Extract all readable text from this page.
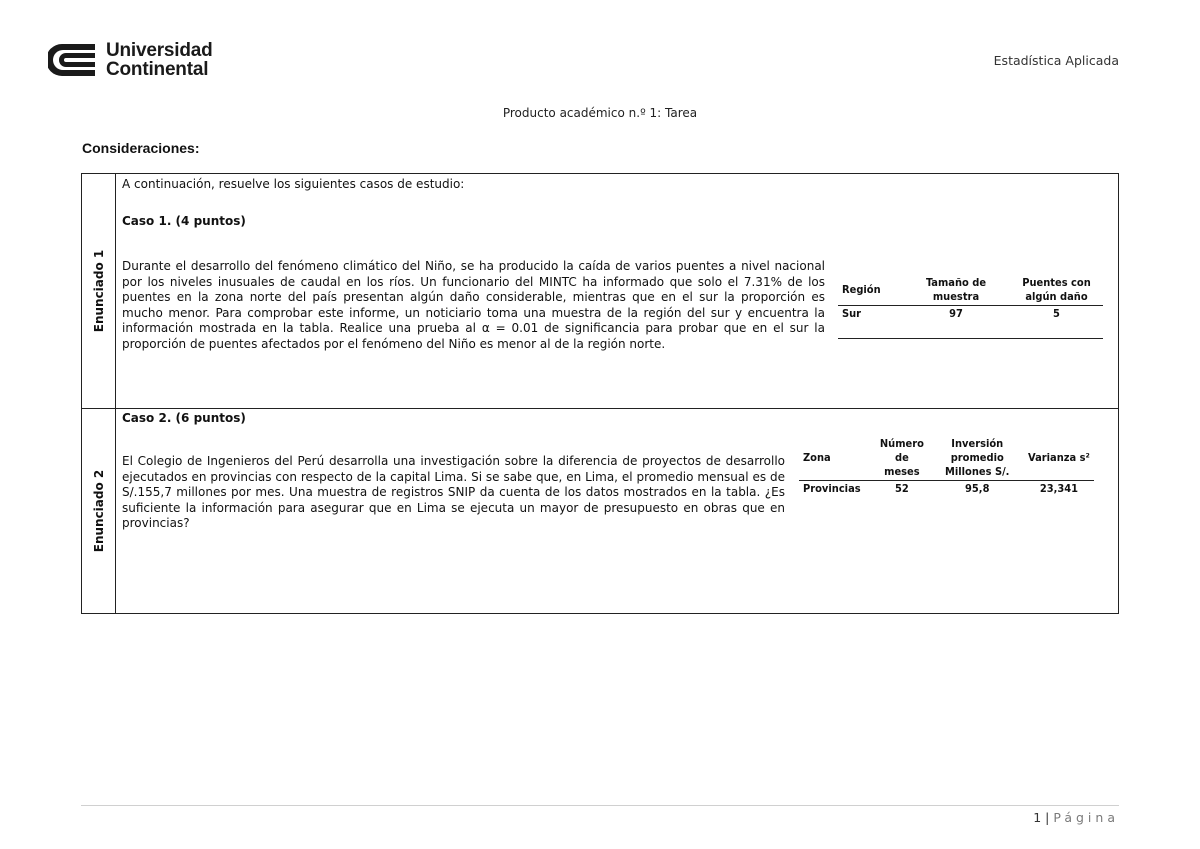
Universidad
Continental	Estadística Aplicada
Producto académico n.º 1: Tarea
Consideraciones:
Enunciado 1
A continuación, resuelve los siguientes casos de estudio:
Caso 1. (4 puntos)
Durante el desarrollo del fenómeno climático del Niño, se ha producido la caída de varios puentes a nivel nacional por los niveles inusuales de caudal en los ríos. Un funcionario del MINTC ha informado que solo el 7.31% de los puentes en la zona norte del país presentan algún daño considerable, mientras que en el sur la proporción es mucho menor. Para comprobar este informe, un noticiario toma una muestra de la región del sur y encuentra la información mostrada en la tabla. Realice una prueba al α = 0.01 de significancia para probar que en el sur la proporción de puentes afectados por el fenómeno del Niño es menor al de la región norte.
Región	Tamaño de muestra	Puentes con algún daño
Sur	97	5

Enunciado 2
Caso 2. (6 puntos)
El Colegio de Ingenieros del Perú desarrolla una investigación sobre la diferencia de proyectos de desarrollo ejecutados en provincias con respecto de la capital Lima. Si se sabe que, en Lima, el promedio mensual es de S/.155,7 millones por mes. Una muestra de registros SNIP da cuenta de los datos mostrados en la tabla. ¿Es suficiente la información para asegurar que en Lima se ejecuta un mayor de presupuesto en obras que en provincias?
Zona	Número de meses	Inversión promedio Millones S/.	Varianza s²
Provincias	52	95,8	23,341
1 | Página
